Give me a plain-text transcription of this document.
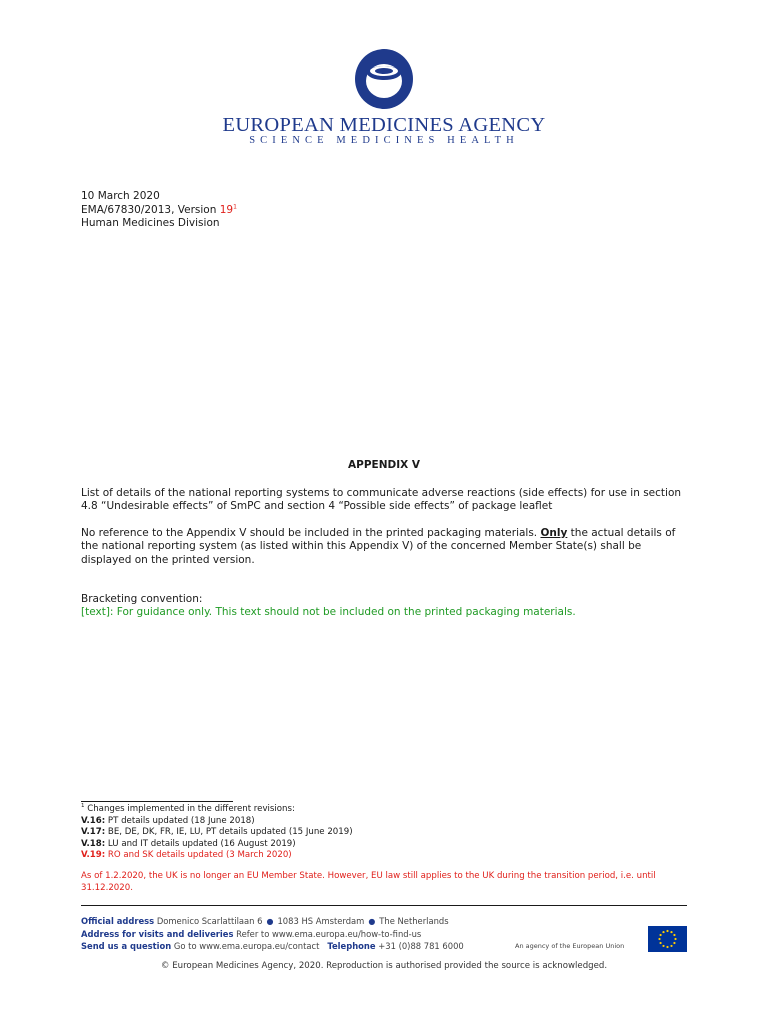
EUROPEAN MEDICINES AGENCY
SCIENCE MEDICINES HEALTH
10 March 2020
EMA/67830/2013, Version $19^1$
Human Medicines Division
APPENDIX V
List of details of the national reporting systems to communicate adverse reactions (side effects) for use in section 4.8 “Undesirable effects” of SmPC and section 4 “Possible side effects” of package leaflet
No reference to the Appendix V should be included in the printed packaging materials. Only the actual details of the national reporting system (as listed within this Appendix V) of the concerned Member State(s) shall be displayed on the printed version.
Bracketing convention:
[text]: For guidance only. This text should not be included on the printed packaging materials.
$^1$ Changes implemented in the different revisions:
V.16: PT details updated (18 June 2018)
V.17: BE, DE, DK, FR, IE, LU, PT details updated (15 June 2019)
V.18: LU and IT details updated (16 August 2019)
V.19: RO and SK details updated (3 March 2020)
As of 1.2.2020, the UK is no longer an EU Member State. However, EU law still applies to the UK during the transition period, i.e. until 31.12.2020.
Official address Domenico Scarlattilaan 6 ● 1083 HS Amsterdam ● The Netherlands
Address for visits and deliveries Refer to www.ema.europa.eu/how-to-find-us
Send us a question Go to www.ema.europa.eu/contact Telephone +31 (0)88 781 6000	An agency of the European Union
© European Medicines Agency, 2020. Reproduction is authorised provided the source is acknowledged.
